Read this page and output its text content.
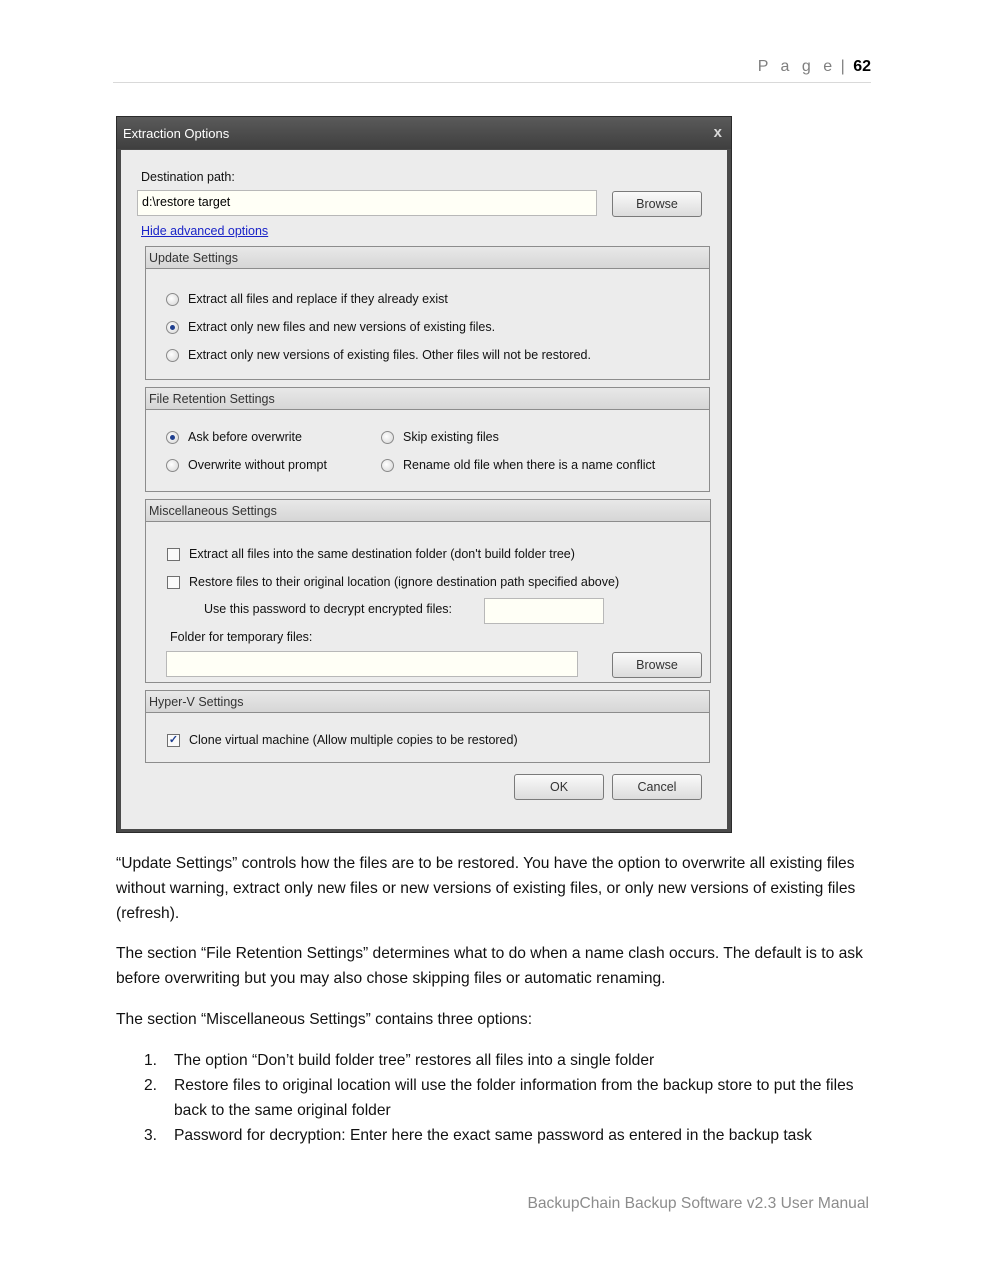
P a g e | 62
Extraction Options	x
Destination path:
d:\restore target	Browse
Hide advanced options
Update Settings
Extract all files and replace if they already exist
Extract only new files and new versions of existing files.
Extract only new versions of existing files. Other files will not be restored.
File Retention Settings
Ask before overwrite	Skip existing files
Overwrite without prompt	Rename old file when there is a name conflict
Miscellaneous Settings
Extract all files into the same destination folder (don't build folder tree)
Restore files to their original location (ignore destination path specified above)
Use this password to decrypt encrypted files:
Folder for temporary files:
Browse
Hyper-V Settings
✓ Clone virtual machine (Allow multiple copies to be restored)
OK	Cancel

“Update Settings” controls how the files are to be restored. You have the option to overwrite all existing files without warning, extract only new files or new versions of existing files, or only new versions of existing files (refresh).

The section “File Retention Settings” determines what to do when a name clash occurs. The default is to ask before overwriting but you may also chose skipping files or automatic renaming.

The section “Miscellaneous Settings” contains three options:

1. The option “Don’t build folder tree” restores all files into a single folder
2. Restore files to original location will use the folder information from the backup store to put the files back to the same original folder
3. Password for decryption: Enter here the exact same password as entered in the backup task
BackupChain Backup Software v2.3 User Manual
